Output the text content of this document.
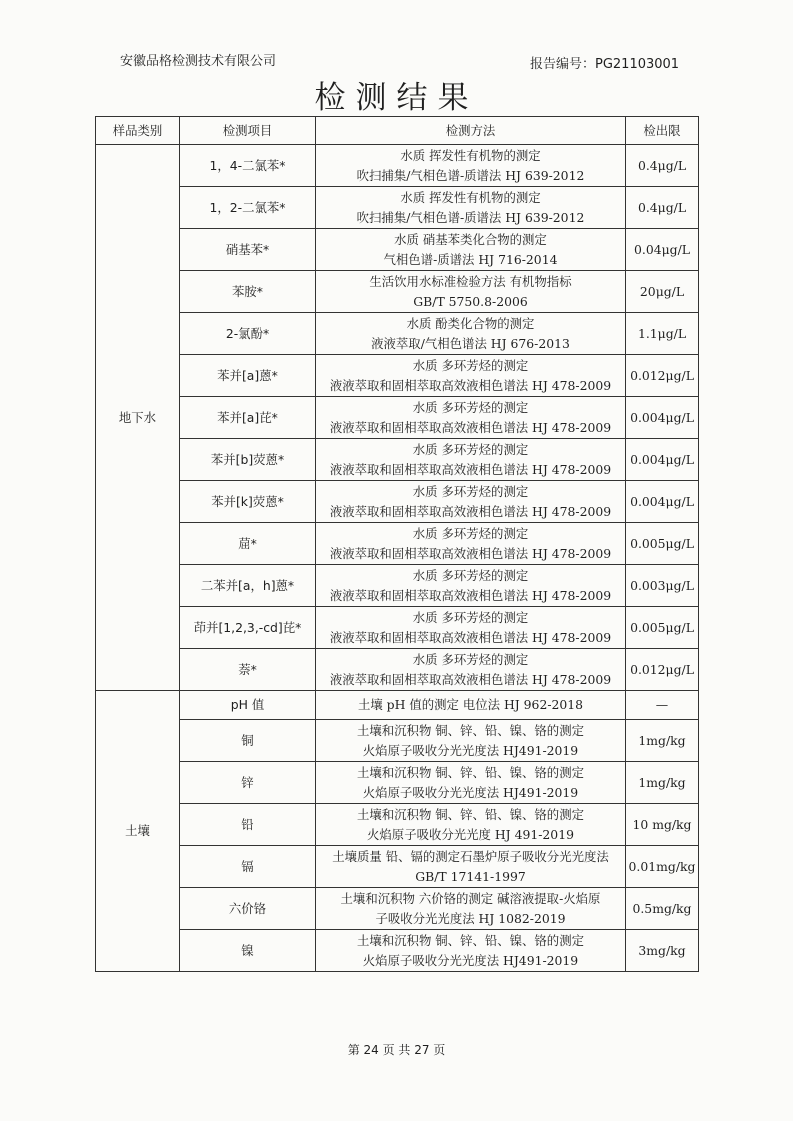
安徽品格检测技术有限公司	报告编号：PG21103001
检测结果
样品类别	检测项目	检测方法	检出限
地下水	1，4-二氯苯*	水质 挥发性有机物的测定
吹扫捕集/气相色谱-质谱法 HJ 639-2012	0.4μg/L
	1，2-二氯苯*	水质 挥发性有机物的测定
吹扫捕集/气相色谱-质谱法 HJ 639-2012	0.4μg/L
	硝基苯*	水质 硝基苯类化合物的测定
气相色谱-质谱法 HJ 716-2014	0.04μg/L
	苯胺*	生活饮用水标准检验方法 有机物指标
GB/T 5750.8-2006	20μg/L
	2-氯酚*	水质 酚类化合物的测定
液液萃取/气相色谱法 HJ 676-2013	1.1μg/L
	苯并[a]蒽*	水质 多环芳烃的测定
液液萃取和固相萃取高效液相色谱法 HJ 478-2009	0.012μg/L
	苯并[a]芘*	水质 多环芳烃的测定
液液萃取和固相萃取高效液相色谱法 HJ 478-2009	0.004μg/L
	苯并[b]荧蒽*	水质 多环芳烃的测定
液液萃取和固相萃取高效液相色谱法 HJ 478-2009	0.004μg/L
	苯并[k]荧蒽*	水质 多环芳烃的测定
液液萃取和固相萃取高效液相色谱法 HJ 478-2009	0.004μg/L
	䓛*	水质 多环芳烃的测定
液液萃取和固相萃取高效液相色谱法 HJ 478-2009	0.005μg/L
	二苯并[a，h]蒽*	水质 多环芳烃的测定
液液萃取和固相萃取高效液相色谱法 HJ 478-2009	0.003μg/L
	茚并[1,2,3,-cd]芘*	水质 多环芳烃的测定
液液萃取和固相萃取高效液相色谱法 HJ 478-2009	0.005μg/L
	萘*	水质 多环芳烃的测定
液液萃取和固相萃取高效液相色谱法 HJ 478-2009	0.012μg/L
土壤	pH 值	土壤 pH 值的测定 电位法 HJ 962-2018	—
	铜	土壤和沉积物 铜、锌、铅、镍、铬的测定
火焰原子吸收分光光度法 HJ491-2019	1mg/kg
	锌	土壤和沉积物 铜、锌、铅、镍、铬的测定
火焰原子吸收分光光度法 HJ491-2019	1mg/kg
	铅	土壤和沉积物 铜、锌、铅、镍、铬的测定
火焰原子吸收分光光度 HJ 491-2019	10 mg/kg
	镉	土壤质量 铅、镉的测定石墨炉原子吸收分光光度法
GB/T 17141-1997	0.01mg/kg
	六价铬	土壤和沉积物 六价铬的测定 碱溶液提取-火焰原
子吸收分光光度法 HJ 1082-2019	0.5mg/kg
	镍	土壤和沉积物 铜、锌、铅、镍、铬的测定
火焰原子吸收分光光度法 HJ491-2019	3mg/kg
第 24 页 共 27 页
